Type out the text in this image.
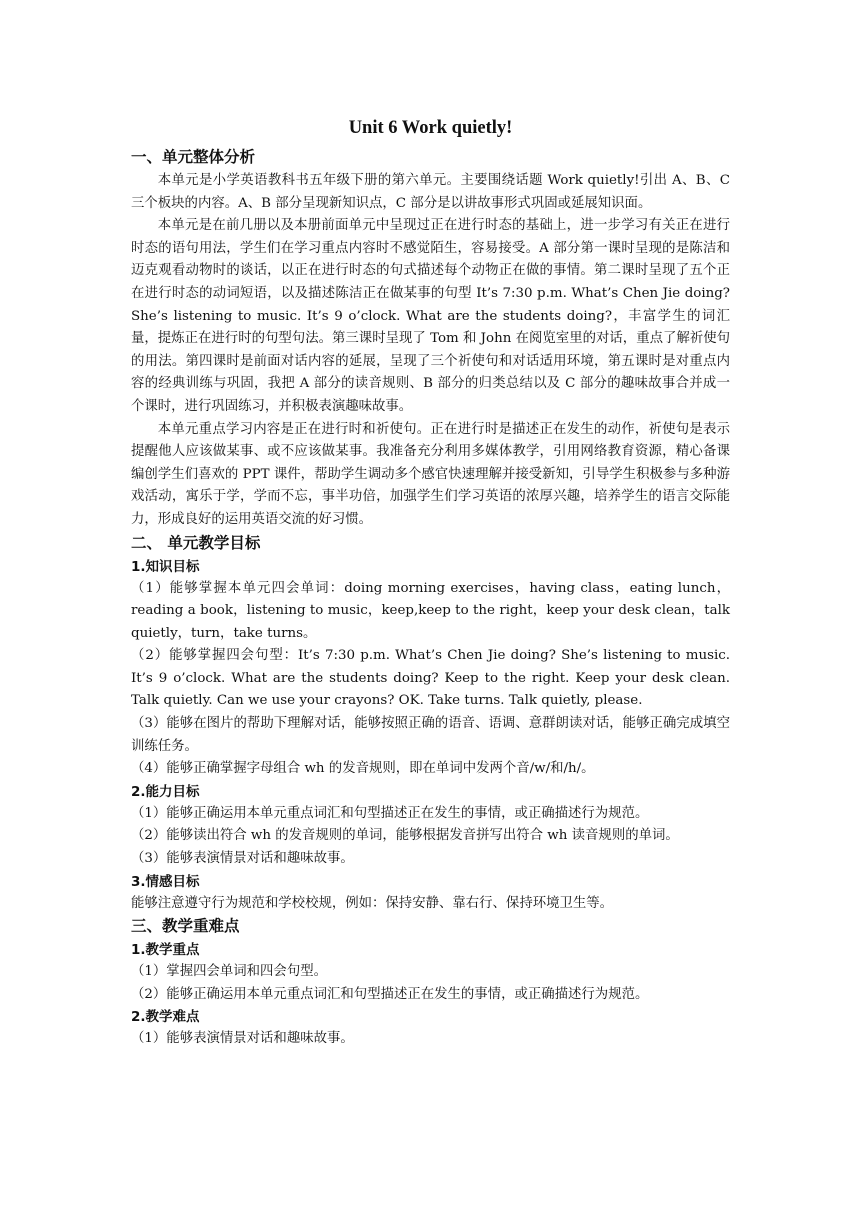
Unit 6 Work quietly!
一、单元整体分析

本单元是小学英语教科书五年级下册的第六单元。主要围绕话题 Work quietly!引出 A、B、C 三个板块的内容。A、B 部分呈现新知识点，C 部分是以讲故事形式巩固或延展知识面。

本单元是在前几册以及本册前面单元中呈现过正在进行时态的基础上，进一步学习有关正在进行时态的语句用法，学生们在学习重点内容时不感觉陌生，容易接受。A 部分第一课时呈现的是陈洁和迈克观看动物时的谈话，以正在进行时态的句式描述每个动物正在做的事情。第二课时呈现了五个正在进行时态的动词短语，以及描述陈洁正在做某事的句型 It’s 7:30 p.m. What’s Chen Jie doing? She’s listening to music. It’s 9 o’clock. What are the students doing?，丰富学生的词汇量，提炼正在进行时的句型句法。第三课时呈现了 Tom 和 John 在阅览室里的对话，重点了解祈使句的用法。第四课时是前面对话内容的延展，呈现了三个祈使句和对话适用环境，第五课时是对重点内容的经典训练与巩固，我把 A 部分的读音规则、B 部分的归类总结以及 C 部分的趣味故事合并成一个课时，进行巩固练习，并积极表演趣味故事。

本单元重点学习内容是正在进行时和祈使句。正在进行时是描述正在发生的动作，祈使句是表示提醒他人应该做某事、或不应该做某事。我准备充分利用多媒体教学，引用网络教育资源，精心备课编创学生们喜欢的 PPT 课件，帮助学生调动多个感官快速理解并接受新知，引导学生积极参与多种游戏活动，寓乐于学，学而不忘，事半功倍，加强学生们学习英语的浓厚兴趣，培养学生的语言交际能力，形成良好的运用英语交流的好习惯。

二、 单元教学目标
1.知识目标

（1）能够掌握本单元四会单词：doing morning exercises，having class，eating lunch，reading a book，listening to music，keep,keep to the right，keep your desk clean，talk quietly，turn，take turns。

（2）能够掌握四会句型：It’s 7:30 p.m. What’s Chen Jie doing? She’s listening to music. It’s 9 o’clock. What are the students doing? Keep to the right. Keep your desk clean. Talk quietly. Can we use your crayons? OK. Take turns. Talk quietly, please.

（3）能够在图片的帮助下理解对话，能够按照正确的语音、语调、意群朗读对话，能够正确完成填空训练任务。

（4）能够正确掌握字母组合 wh 的发音规则，即在单词中发两个音/w/和/h/。

2.能力目标

（1）能够正确运用本单元重点词汇和句型描述正在发生的事情，或正确描述行为规范。

（2）能够读出符合 wh 的发音规则的单词，能够根据发音拼写出符合 wh 读音规则的单词。

（3）能够表演情景对话和趣味故事。

3.情感目标

能够注意遵守行为规范和学校校规，例如：保持安静、靠右行、保持环境卫生等。

三、教学重难点
1.教学重点

（1）掌握四会单词和四会句型。

（2）能够正确运用本单元重点词汇和句型描述正在发生的事情，或正确描述行为规范。

2.教学难点

（1）能够表演情景对话和趣味故事。
